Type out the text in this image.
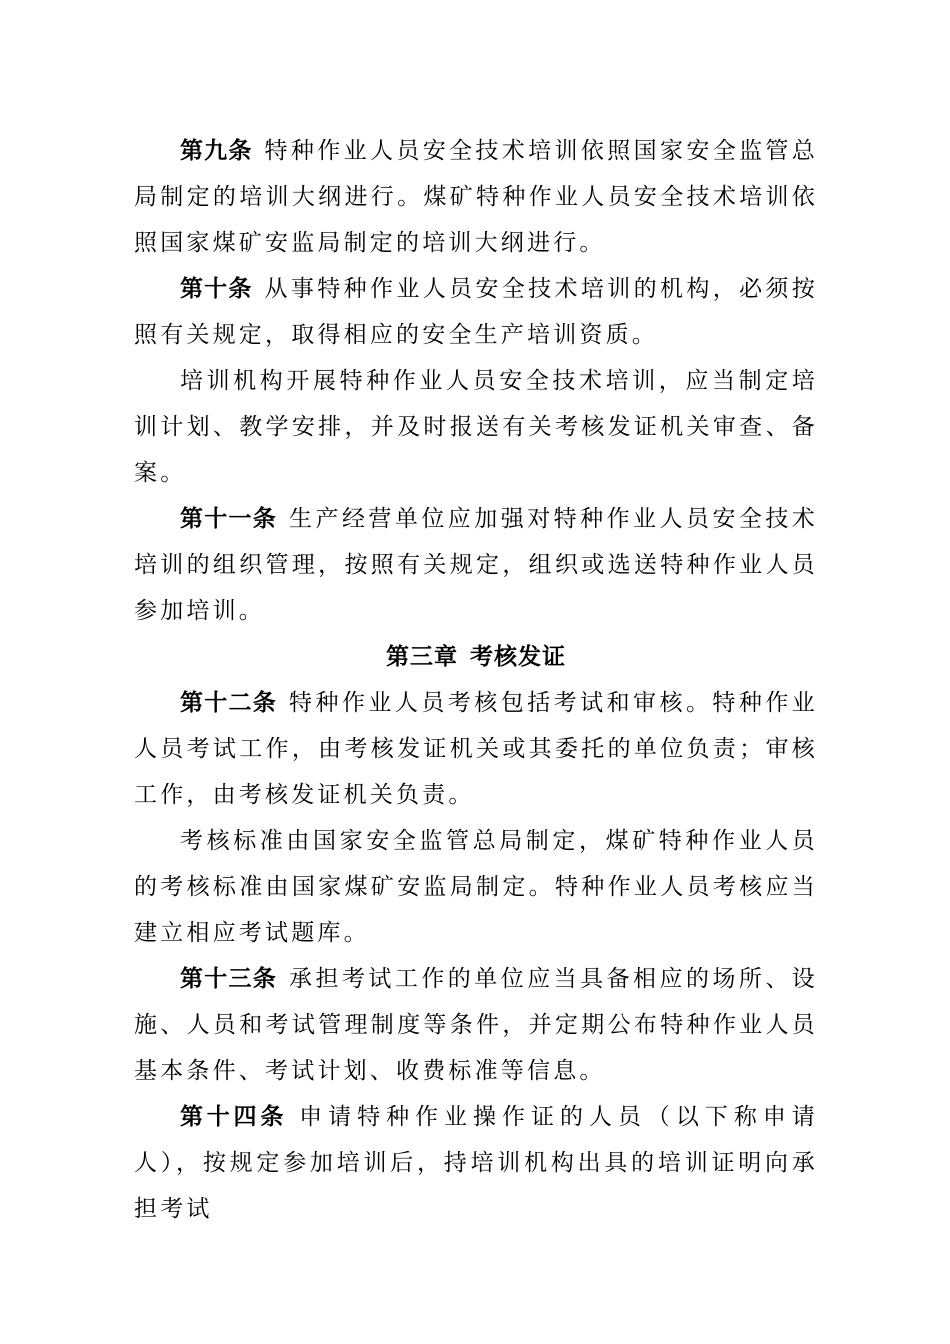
第九条 特种作业人员安全技术培训依照国家安全监管总局制定的培训大纲进行。煤矿特种作业人员安全技术培训依照国家煤矿安监局制定的培训大纲进行。

第十条 从事特种作业人员安全技术培训的机构，必须按照有关规定，取得相应的安全生产培训资质。

培训机构开展特种作业人员安全技术培训，应当制定培训计划、教学安排，并及时报送有关考核发证机关审查、备案。

第十一条 生产经营单位应加强对特种作业人员安全技术培训的组织管理，按照有关规定，组织或选送特种作业人员参加培训。

第三章 考核发证

第十二条 特种作业人员考核包括考试和审核。特种作业人员考试工作，由考核发证机关或其委托的单位负责；审核工作，由考核发证机关负责。

考核标准由国家安全监管总局制定，煤矿特种作业人员的考核标准由国家煤矿安监局制定。特种作业人员考核应当建立相应考试题库。

第十三条 承担考试工作的单位应当具备相应的场所、设施、人员和考试管理制度等条件，并定期公布特种作业人员基本条件、考试计划、收费标准等信息。

第十四条 申请特种作业操作证的人员（以下称申请人），按规定参加培训后，持培训机构出具的培训证明向承担考试
